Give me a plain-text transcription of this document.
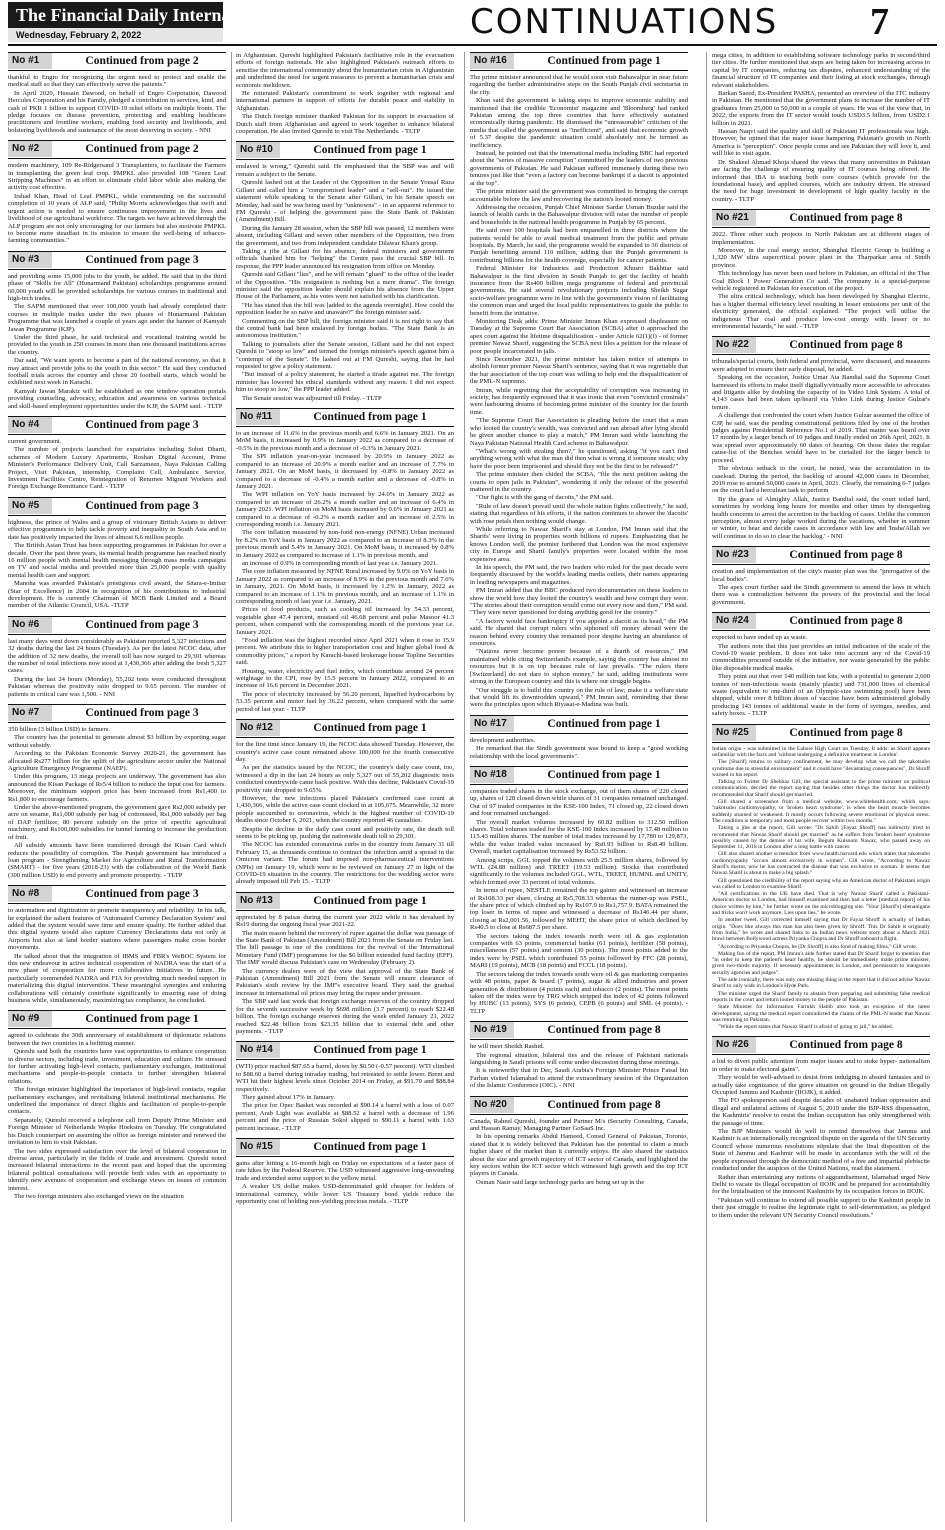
The Financial Daily International
Wednesday, February 2, 2022	CONTINUATIONS 7
No #1	Continued from page 2

thankful to Engro for recognizing the urgent need to protect and enable the medical staff so that they can effectively serve the patients."

In April 2020, Hussain Dawood, on behalf of Engro Corporation, Dawood Hercules Corporation and his Family, pledged a contribution in services, kind, and cash of PKR 1 billion to support COVID-19 relief efforts on multiple fronts. The pledge focuses on disease prevention, protecting and enabling healthcare practitioners and frontline workers, enabling food security and livelihoods, and bolstering livelihoods and sustenance of the most deserving in society. - NNI

No #2	Continued from page 2

modern machinery, 109 Re-Ridgersand 3 Transplanters, to facilitate the Farmers in transplanting the green leaf crop. PMPKL also provided 108 "Green Leaf Stripping Machines" in an effort to eliminate child labor while also making the activity cost effective.

Irshad Khan, Head of Leaf PMPKL, while commenting on the successful completion of 10 years of ALP said, "Philip Morris acknowledges that swift and urgent action is needed to ensure continuous improvement in the lives and livelihood of our agricultural workforce. The targets we have achieved through the ALP program are not only encouraging for our farmers but also motivate PMPKL to become more steadfast in its mission to ensure the well-being of tobacco-farming communities."

No #3	Continued from page 3

and providing some 15,000 jobs to the youth, he added. He said that in the third phase of "Skills for All" (Hunarmand Pakistan) scholarships programme around 60,000 youth will be provided scholarships for various courses in traditional and high-tech trades.

The SAPM mentioned that over 100,000 youth had already completed their courses in multiple trades under the two phases of Hunarmand Pakistan Programme that was launched a couple of years ago under the banner of Kamyab Jawan Programme (KJP).

Under the third phase, he said technical and vocational training would be provided to the youth in 250 courses in more than one thousand institutions across the country.

Dar said, "We want sports to become a part of the national economy, so that it may attract and provide jobs to the youth in this sector." He said they conducted football trials across the country and chose 20 football starts, which would be exhibited next week in Karachi.

Kamyab Jawan Marakiz will be established as one window operation portals providing counseling, advocacy, education and awareness on various technical and skill-based employment opportunities under the KJP, the SAPM said. - TLTP

No #4	Continued from page 3

current government.

The number of projects launched for expatriates including Sohni Dharti, schemes of Modern Luxury Apartments, Roshan Digital Account, Prime Minister's Performance Delivery Unit, Call Sarzameen, Naya Pakistan Calling Project, Visit Pakistan, internship, Complaint Cell, Ambulance Service, Investment Facilities Centre, Reintegration of Returnee Migrant Workers and Foreign Exchange Remittance Card. - TLTP

No #5	Continued from page 3

highness, the prince of Wales and a group of visionary British Asians to deliver effective programmes to help tackle poverty and inequality in South Asia and to date has positively impacted the lives of almost 6.6 million people.

The British Asian Trust has been supporting programmes in Pakistan for over a decade. Over the past three years, its mental health programme has reached nearly 16 million people with mental health messaging through mass media campaigns on TV and social media and provided more than 25,000 people with quality mental health care and support.

Manoha was awarded Pakistan's prestigious civil award, the Sitara-e-Imtiaz (Star of Excellence) in 2004 in recognition of his contributions to industrial development. He is currently Chairman of MCB Bank Limited and a Board member of the Atlantic Council, USA. -TLTP

No #6	Continued from page 3

last many days went down considerably as Pakistan reported 5,327 infections and 32 deaths during the last 24 hours (Tuesday). As per the latest NCOC data, after the addition of 32 new deaths, the overall toll has now surged to 29,301 whereas the number of total infections now stood at 1,430,366 after adding the fresh 5,327 cases.

During the last 24 hours (Monday), 55,202 tests were conducted throughout Pakistan whereas the positivity ratio dropped to 9.65 percent. The number of patients in critical care was 1,500. - NNI

No #7	Continued from page 3

350 billion (3 billion USD) to farmers.

The country has the potential to generate almost $3 billion by exporting sugar without subsidy.

According to the Pakistan Economic Survey 2020-21, the government has allocated Rs277 billion for the uplift of the agriculture sector under the National Agriculture Emergency Programme (NAEP).

Under this program, 13 mega projects are underway. The government has also announced the Kisan Package of Rs5/4 billion to reduce the input cost for farmers. Moreover, the minimum support price has been increased from Rs1,400 to Rs1,800 to encourage farmers.

Under the above-mentioned program, the government gave Rs2,000 subsidy per acre on sesame, Rs1,000 subsidy per bag of cottonseed, Rs1,000 subsidy per bag of DAP fertilizer, 80 percent subsidy on the price of specific agricultural machinery, and Rs100,000 subsidies for tunnel farming to increase the production of fruit.

All subsidy amounts have been transferred through the Kisan Card which reduces the possibility of corruption. The Punjab government has introduced a loan program - Strengthening Market for Agriculture and Rural Transformation (SMART) - for five years (2018-23) with the collaboration of the World Bank (300 million USD) to end poverty and promote prosperity. - TLTP

No #8	Continued from page 3

to automation and digitization to promote transparency and reliability. In his talk, he explained the salient features of 'Automated Currency Declaration System' and added that the system would save time and ensure quality. He further added that this digital system would also capture Currency Declarations data not only at Airports but also at land border stations where passengers make cross border movements.

He talked about that the integration of IBMS and FBR's WeBOC System for this new endeavour in active technical cooperation of NADRA was the start of a new phase of cooperation for more collaborative initiatives in future. He particularly commended NADRA and FIA for providing much needed support in materializing this digital intervention. These meaningful synergies and enduring collaborations will certainly contribute significantly to ensuring ease of doing business while, simultaneously, maximizing tax compliance, he concluded.

No #9	Continued from page 1

agreed to celebrate the 30th anniversary of establishment of diplomatic relations between the two countries in a befitting manner.

Qureshi said both the countries have vast opportunities to enhance cooperation in diverse sectors, including trade, investment, education and culture. He stressed for further activating high-level contacts, parliamentary exchanges, institutional mechanisms and people-to-people contacts to further strengthen bilateral relations.

The foreign minister highlighted the importance of high-level contacts, regular parliamentary exchanges, and revitalising bilateral institutional mechanisms. He underlined the importance of direct flights and facilitation of people-to-people contacts.

Separately, Qureshi received a telephone call from Deputy Prime Minister and Foreign Minister of Netherlands Wopke Hoekstra on Tuesday. He congratulated his Dutch counterpart on assuming the office as foreign minister and renewed the invitation to him to visit Pakistan.

The two sides expressed satisfaction over the level of bilateral cooperation in diverse areas, particularly in the fields of trade and investment. Qureshi noted increased bilateral interactions in the recent past and hoped that the upcoming bilateral political consultations will provide both sides with an opportunity to identify new avenues of cooperation and exchange views on issues of common interest.

The two foreign ministers also exchanged views on the situation

in Afghanistan. Qureshi highlighted Pakistan's facilitative role in the evacuation efforts of foreign nationals. He also highlighted Pakistan's outreach efforts to sensitise the international community about the humanitarian crisis in Afghanistan and underlined the need for urgent measures to prevent a humanitarian crisis and economic meltdown.

He reiterated Pakistan's commitment to work together with regional and international partners in support of efforts for durable peace and stability in Afghanistan.

The Dutch foreign minister thanked Pakistan for its support in evacuation of Dutch staff from Afghanistan and agreed to work together to enhance bilateral cooperation. He also invited Qureshi to visit The Netherlands. - TLTP

No #10	Continued from page 1

enslaved is wrong," Qureshi said. He emphasised that the SBP was and will remain a subject to the Senate.

Qureshi lashed out at the Leader of the Opposition in the Senate Yousaf Raza Gillani and called him a "compromised leader" and a "sell-out". He issued the statement while speaking in the Senate after Gillani, in his Senate speech on Monday, had said he was being used by "unknowns" - in an apparent reference to FM Qureshi - of helping the government pass the State Bank of Pakistan (Amendment) Bill.

During the January 28 session, when the SBP bill was passed, 12 members were absent, including Gillani and seven other members of the Opposition, two from the government, and two from independent candidate Dilawar Khan's group.

Taking a jibe at Gillani for his absence, federal ministers and government officials thanked him for "helping" the Centre pass the crucial SBP bill. In response, the PPP leader announced his resignation from office on Monday.

Qureshi said Gillani "lies", and he will remain "glued" to the office of the leader of the Opposition. "His resignation is nothing but a mere drama". The foreign minister said the opposition leader should explain his absence from the Upper House of the Parliament, as his votes were not satisfied with his clarification.

"He has stated that the bill was [added to the agenda overnight]. How could the opposition leader be so naive and unaware?" the foreign minister said.

Commenting on the SBP bill, the foreign minister said it is not right to say that the central bank had been enslaved by foreign bodies. "The State Bank is an autonomous institution."

Talking to journalists after the Senate session, Gillani said he did not expect Qureshi to "stoop so low" and termed the foreign minister's speech against him a "contempt of the Senate". He lashed out at FM Qureshi, saying that he had requested to give a policy statement.

"But instead of a policy statement, he started a tirade against me. The foreign minister has lowered his ethical standards without any reason. I did not expect him to stoop so low," the PPP leader added.

The Senate session was adjourned till Friday. - TLTP

No #11	Continued from page 1

to an increase of 11.6% in the previous month and 6.6% in January 2021. On an MoM basis, it increased by 0.9% in January 2022 as compared to a decrease of -0.5% in the previous month and a decrease of -0.3% in January 2021.

The SPI inflation year-on-year increased by 20.9% in January 2022 as compared to an increase of 20.9% a month earlier and an increase of 7.7% in January 2021. On an MoM basis, it decreased by -0.8% in January 2022 as compared to a decrease of -0.4% a month earlier and a decrease of -0.8% in January 2021.

The WPI inflation on YoY basis increased by 24.0% in January 2022 as compared to an increase of 26.2% a month earlier and an increase of 6.4% in January 2021. WPI inflation on MoM basis increased by 0.6% in January 2021 as compared to a decrease of -0.2% a month earlier and an increase of 2.5% in corresponding month i.e. January 2021.

The core inflation measured by non-food non-energy (NFNE) Urban increased by 8.2% on YoY basis in January 2022 as compared to an increase of 8.3% in the previous month and 5.4% in January 2021. On MoM basis, it increased by 0.8% in January 2022 as compared to increase of 1.1% in previous month, and

an increase of 0.9% in corresponding month of last year i.e. January 2021.

The core inflation measured by NFNE Rural increased by 9.0% on YoY basis in January 2022 as compared to an increase of 8.9% in the previous month and 7.6% in January, 2021. On MoM basis, it increased by 1.2% in January, 2022 as compared to an increase of 1.1% in previous month, and an increase of 1.1% in corresponding month of last year i.e. January, 2021.

Prices of food products, such as cooking oil increased by 54.33 percent, vegetable ghee 47.4 percent, mustard oil 46.68 percent and pulse Masoor 41.3 percent, when compared with the corresponding month of the previous year i.e. January 2021.

"Food inflation was the highest recorded since April 2021 when it rose to 15.9 percent. We attribute this to higher transportation cost and higher global food & commodity prices," a report by Karachi-based brokerage house Topline Securities said.

Housing, water, electricity and fuel index, which contribute around 24 percent weightage to the CPI, rose by 15.5 percent in January 2022, compared to an increase of 16.6 percent in December 2021.

The price of electricity increased by 56.20 percent, liquefied hydrocarbons by 53.35 percent and motor fuel by 36.22 percent, when compared with the same period of last year. - TLTP

No #12	Continued from page 1

for the first time since January 19, the NCOC data showed Tuesday. However, the country's active case count remained above 100,000 for the fourth consecutive day.

As per the statistics issued by the NCOC, the country's daily case count, too, witnessed a dip in the last 24 hours as only 5,327 out of 55,202 diagnostic tests conducted countrywide came back positive. With this decline, Pakistan's Covid-19 positivity rate dropped to 9.65%.

However, the new infections placed Pakistan's confirmed case count at 1,430,366, while the active case count clocked in at 105,675. Meanwhile, 32 more people succumbed to coronavirus, which is the highest number of COVID-19 deaths since October 6, 2021, when the country reported 46 casualties.

Despite the decline in the daily case count and positivity rate, the death toll seems to be picking up, pushing the nationwide death toll to 29,301.

The NCOC has extended coronavirus curbs in the country from January 31 till February 15, as thousands continue to contract the infection amid a spread in the Omicron variant. The forum had imposed non-pharmaceutical interventions (NPIs) on January 19, which were to be reviewed on January 27 in light of the COVID-19 situation in the country. The restrictions for the wedding sector were already imposed till Feb 15. - TLTP

No #13	Continued from page 1

appreciated by 8 paisas during the current year 2022 while it has devalued by Rs19 during the ongoing fiscal year 2021-22.

The main reason behind the recovery of rupee against the dollar was passage of the State Bank of Pakistan (Amendment) Bill 2021 from the Senate on Friday last. The bill passage is one of the conditions for the revival of the International Monetary Fund (IMF) programme for the $6 billion extended fund facility (EFF). The IMF would discuss Pakistan's case on Wednesday (February 2).

The currency dealers were of the view that approval of the State Bank of Pakistan (Amendment) Bill 2021 from the Senate will ensure clearance of Pakistan's sixth review by the IMF's executive board. They said the gradual increase in international oil prices may bring the rupee under pressure.

The SBP said last week that foreign exchange reserves of the country dropped for the seventh successive week by $698 million (3.7 percent) to reach $22.48 billion. The foreign exchange reserves during the week ended January 21, 2022 reached $22.48 billion from $23.35 billion due to external debt and other payments. - TLTP

No #14	Continued from page 1

(WTI) price reached $87.65 a barrel, down by $0.50 (-0.57 percent). WTI climbed to $88.60 a barrel during intraday trading, but retreated to settle lower. Brent and WTI hit their highest levels since October 2014 on Friday, at $91.70 and $88.84 respectively.

They gained about 17% in January.

The price for Opec Basket was recorded at $90.14 a barrel with a loss of 0.07 percent, Arab Light was available at $88.52 a barrel with a decrease of 1.96 percent and the price of Russian Sokol slipped to $90.11 a barrel with 1.63 percent increase. - TLTP

No #15	Continued from page 1

gains after hitting a 16-month high on Friday on expectations of a faster pace of rate hikes by the Federal Reserve. The USD witnessed aggressive long-unwinding trade and extended some support to the yellow metal.

A weaker US dollar makes USD-denominated gold cheaper for holders of international currency, while lower US Treasury bond yields reduce the opportunity cost of holding non-yielding precious metals. - TLTP

No #16	Continued from page 1

The prime minister announced that he would soon visit Bahawalpur in near future regarding the further administrative steps on the South Punjab civil secretariat in the city.

Khan said the government is taking steps to improve economic stability and mentioned that the credible 'Economist' magazine and 'Bloomberg' had ranked Pakistan among the top three countries that have effectively sustained economically during pandemic. He dismissed the "unreasonable" criticism of the media that called the government as "inefficient", and said that economic growth of 5.37 despite the pandemic situation could absolutely not be termed as inefficiency.

Instead, he pointed out that the international media including BBC had reported about the "series of massive corruption" committed by the leaders of two previous governments of Pakistan. He said Pakistan suffered immensely during these two tenures just like that "even a factory can become bankrupt if a dacoit is appointed at the top".

The prime minister said the government was committed to bringing the corrupt accountable before the law and recovering the nation's looted money.

Addressing the occasion, Punjab Chief Minister Sardar Usman Buzdar said the launch of health cards in the Bahawalpur division will raise the number of people and households in the national health programme in Punjab by 65 percent.

He said over 100 hospitals had been empanelled in three districts where the patients would be able to avail medical treatment from the public and private hospitals. By March, he said, the programme would be expanded to 36 districts of Punjab benefiting around 110 million, adding that the Punjab government is contributing billions for the health coverage, especially for cancer patients.

Federal Minister for Industries and Production Khusro Bakhtiar said Bahawalpur is the first division in South Punjab to get the facility of health insurance from the Rs400 billion mega programme of federal and provincial governments. He said several revolutionary projects including Sheikh Sugar socio-welfare programme were in line with the government's vision of facilitating the common man and urged the local public representatives to guide the public to benefit from the initiative.

Monitoring Desk adds: Prime Minister Imran Khan expressed displeasure on Tuesday at the Supreme Court Bar Association (SCBA) after it approached the apex court against the lifetime disqualification - under Article 62(1)(f) - of former premier Nawaz Sharif, suggesting the SCBA next files a petition for the release of poor people incarcerated in jails.

Since December 2021, the prime minister has taken notice of attempts to abolish former premier Nawaz Sharif's sentence, saying that it was regrettable that the bar association of the top court was willing to help end the disqualification of the PML-N supremo.

Imran, while regretting that the acceptability of corruption was increasing in society, has frequently expressed that it was ironic that even "convicted criminals" were harbouring dreams of becoming prime minister of the country for the fourth time.

"The Supreme Court Bar Association is pleading before the court that a man who looted the country's wealth, was convicted and ran abroad after lying should be given another chance to play a match," PM Imran said while launching the Naya Pakistan National Health Card scheme in Bahawalpur.

"What's wrong with stealing then?," he questioned, asking "if you can't find anything wrong with what the man did then what is wrong if someone steals; why have the poor been imprisoned and should they not be the first to be released?"

The prime minister then chided the SCBA, "file the next petition asking the courts to open jails in Pakistan", wondering if only the release of the powerful mattered in the country.

"Our fight is with the gang of dacoits," the PM said.

"Rule of law doesn't prevail until the whole nation fights collectively," he said, stating that regardless of his efforts, if the nation continues to shower the 'dacoits' with rose petals then nothing would change.

While referring to Nawaz Sharif's stay at London, PM Imran said that the Sharifs' were living in properties worth billions of rupees. Emphasizing that he knows London well, the premier furthered that London was the most expensive city in Europe and Sharif family's properties were located within the most expensive area.

In his speech, the PM said, the two leaders who ruled for the past decade were frequently discussed by the world's leading media outlets, their names appearing in leading newspapers and magazines.

PM Imran added that the BBC produced two documentaries on these leaders to show the world how they looted the country's wealth and how corrupt they were. "The stories about their corruption would come out every now and then," PM said. "They were never questioned for doing anything good for the country."

"A factory would face bankruptcy if you appoint a dacoit as its head," the PM said. He shared that corrupt rulers who siphoned off money abroad were the reason behind every country that remained poor despite having an abundance of resources.

"Nations never become poorer because of a dearth of resources," PM maintained while citing Switzerland's example, saying the country has almost no resources but it is on top because rule of law prevails. "The rulers there [Switzerland] do not dare to siphon money," he said, adding institutions were strong in the European country and this is where our struggle begins.

"Our struggle is to build this country on the rule of law; make it a welfare state that would lift its downtrodden upward," PM Imran said, reminding that these were the principles upon which Riyasat-e-Madina was built.

No #17	Continued from page 1

development authorities.

He remarked that the Sindh government was bound to keep a "good working relationship with the local governments".

No #18	Continued from page 1

companies traded shares in the stock exchange, out of them shares of 220 closed up, shares of 128 closed down while shares of 31 companies remained unchanged. Out of 97 traded companies in the KSE-100 Index, 71 closed up, 22 closed down and four remained unchanged.

The overall market volumes increased by 60.82 million to 312.50 million shares. Total volumes traded for the KSE-100 Index increased by 17.48 million to 115.43 million shares. The number of total trades increased by 17,780 to 129,873, while the value traded value increased by Rs0.93 billion to Rs8.49 billion. Overall, market capitalisation increased by Rs53.52 billion.

Among scrips, GGL topped the volumes with 25.5 million shares, followed by WTL (24.88 million) and TREET (19.53 million). Stocks that contributed significantly to the volumes included GGL, WTL, TREET, HUMNL and UNITY, which formed over 33 percent of total volumes.

In terms of rupee, NESTLE remained the top gainer and witnessed an increase of Rs108.33 per share, closing at Rs5,708.33 whereas the runner-up was PSEL, the share price of which climbed up by Rs107.9 to Rs1,757.9. BATA remained the top loser in terms of rupee and witnessed a decrease of Rs146.44 per share, closing at Rs2,001.56, followed by MEHT, the share price of which declined by Rs40.5 to close at Rs687.5 per share.

The sectors taking the index towards north were oil & gas exploration companies with 63 points, commercial banks (61 points), fertilizer (58 points), miscellaneous (57 points) and cement (30 points). The most points added to the index were by PSEL which contributed 55 points followed by FFC (28 points), MARI (19 points), MCB (18 points) and FCCL (18 points).

The sectors taking the index towards south were oil & gas marketing companies with 48 points, paper & board (7 points), sugar & allied industries and power generation & distribution (4 points each) and tobacco (2 points). The most points taken off the index were by TRG which stripped the index of 42 points followed by HUBC (13 points), SYS (6 points), CEPB (6 points) and SML (4 points). - TLTP

No #19	Continued from page 8

he will meet Sheikh Rashid.

The regional situation, bilateral ties and the release of Pakistani nationals languishing in Saudi prisons will come under discussion during these meetings.

It is noteworthy that in Dec, Saudi Arabia's Foreign Minister Prince Faisal bin Farhan visited Islamabad to attend the extraordinary session of the Organization of the Islamic Conference (OIC). - NNI

No #20	Continued from page 8

Canada, Raheel Qureshi, founder and Partner M/s iSecurity Consulting, Canada, and Hassan Ramay, Managing Partner GoSaaS Inc.

In his opening remarks Abdul Hameed, Consul General of Pakistan, Toronto, stated that it is widely believed that Pakistan has the potential to claim a much higher share of the market than it currently enjoys. He also shared the statistics about the size and growth trajectory of ICT sector of Canada, and highlighted the key sectors within the ICT sector which witnessed high growth and the top ICT players in Canada.

Osman Nasir said large technology parks are being set up in the

mega cities, in addition to establishing software technology parks in second/third tier cities. He further mentioned that steps are being taken for increasing access to capital by IT companies, reducing tax disputes, enhanced understanding of the financial structure of IT companies and their listing at stock exchanges, through relevant stakeholders.

Barkan Saeed, Ex-President PASHA, presented an overview of the ITC industry in Pakistan. He mentioned that the government plans to increase the number of IT graduates from 25,000 to 50,000 in a couple of years. He was of the view that, in 2022, the exports from the IT sector would touch USD3.5 billion, from USD2.1 billion in 2021.

Hassan Naqvi said the quality and skill of Pakistani IT professionals was high. However, he opined that the major issue hampering Pakistan's growth in North America is "perception". Once people come and see Pakistan they will love it, and will like to visit again.

Dr. Shakeel Ahmad Khoja shared the views that many universities in Pakistan are facing the challenge of ensuring quality of IT courses being offered. He informed that IBA is teaching both core courses (which provide for the foundational base), and applied courses, which are industry driven. He stressed the need for huge investment in development of high quality faculty in the country. - TLTP

No #21	Continued from page 8

2022. Three other such projects in North Pakistan are at different stages of implementation.

Moreover, in the coal energy sector, Shanghai Electric Group is building a 1,320 MW ultra supercritical power plant in the Tharparkar area of Sindh province.

This technology has never been used before in Pakistan, an official of the Thar Coal Block 1 Power Generation Co said. The company is a special-purpose vehicle registered in Pakistan for execution of the project.

The ultra critical technology, which has been developed by Shanghai Electric, has a higher thermal efficiency level resulting in lesser emissions per unit of the electricity generated, the official explained. "The project will utilise the indigenous Thar coal and produce low-cost energy with lesser or no environmental hazards," he said. - TLTP

No #22	Continued from page 8

tribunals/special courts, both federal and provincial, were discussed, and measures were adopted to ensure their early disposal, he added.

Speaking on the occasion, Justice Umar Ata Bandial said the Supreme Court harnessed its efforts to make itself digitally/virtually more accessible to advocates and litigants alike by doubling the capacity of its Video Link System. A total of 4,143 cases had been taken up/heard via Video Link during Justice Gulzar's tenure.

A challenge that confronted the court when Justice Gulzar assumed the office of CJP, he said, was the pending constitutional petitions filed by one of the brother judges against Presidential Reference No.1 of 2019. That matter was heard over 17 months by a larger bench of 10 judges and finally ended on 26th April, 2021. It was spread over approximately 60 dates of hearing. On those dates the regular cause-list of the Benches would have to be curtailed for the larger bench to proceed.

The obvious setback to the court, he noted, was the accumulation in its caseload. During the period, the backlog of around 42,000 cases in December, 2019 rose to around 50,000 cases in April, 2021. Clearly, the remaining 6-7 judges on the court had a herculean task to perform

By the grace of Almighty Allah, Justice Bandial said, the court toiled hard, sometimes by working long hours for months and other times by disregarding health concerns to arrest the accretion in the backlog of cases. Unlike the common perception, almost every judge worked during the vacations, whether in summer or winter, to hear and decide cases in accordance with law and 'Insha'Allah we will continue to do so to clear the backlog.' - NNI

No #23	Continued from page 8

creation and implementation of the city's master plan was the "prerogative of the local bodies".

The apex court further said the Sindh government to amend the laws in which there was a contradiction between the powers of the provincial and the local government.

No #24	Continued from page 8

expected to have ended up as waste.

The authors note that this just provides an initial indication of the scale of the Covid-19 waste problem. It does not take into account any of the Covid-19 commodities procured outside of the initiative, nor waste generated by the public like disposable medical masks.

They point out that over 140 million test kits, with a potential to generate 2,600 tonnes of non-infectious waste (mainly plastic) and 731,000 litres of chemical waste (equivalent to one-third of an Olympic-size swimming pool) have been shipped, while over 8 billion doses of vaccine have been administered globally producing 143 tonnes of additional waste in the form of syringes, needles, and safety boxes. - TLTP

No #25	Continued from page 8

Indian origin - was submitted in the Lahore High Court on Tuesday. It adds: as Sharif appears unfamiliar with the facts and 'without undergoing a definitive treatment in London'.

The [Sharif] returns to solitary confinement, he may develop what we call the takotsubo syndrome due to stressful environment" and it could have "devastating consequences", Dr Shroff warned in his report.

Talking to Twitter Dr Shehbaz Gill, the special assistant to the prime minister on political communication, decried the report saying that besides other things the doctor has indirectly recommended that Sharif should get married.

Gill shared a screenshot from a medical website, www.whitehealth.com, which says: "takotsubo cardiomyopathy, or 'broken heart syndrome', is when the heart muscle becomes suddenly stunned or weakened. It mostly occurs following severe emotional or physical stress. The condition is temporary and most people recover within two months."

Taking a jibe at the report, Gill wrote: "Dr Sahib [Fayaz Shroff] has indirectly tried to recommend that Nawaz Sharif should get married" as he suffers from 'broken heart' syndrome possibly caused by the demise of his wife, Begum Kulsoom Nawaz, who passed away on September 11, 2018 in London after a long battle with cancer.

Gill also shared another screenshot from www.health.harvard.edu which states that takotsubo cardiomyopathy "occurs almost exclusively in women". Gill wrote, "According to Nawaz Sharif's doctor, now he has contracted the disease that was exclusive to woman. It seems that Nawaz Sharif is about to make a big splash."

Gill questioned the credibility of the report saying why an American doctor of Pakistani origin was called to London to examine Sharif.

"All certifications in the UK have died. That is why Nawaz Sharif called a Pakistani-American doctor to London, had himself examined and then had a letter [medical report] of his choice written by him," he further wrote on the microblogging site. "Your [Sharif's] shenanigans and tricks won't work anymore. Lies upon lies," he wrote.

In another tweet, Gill corrected himself saying that Dr Fayaz Shroff is actually of Indian origin. "Does like always this man has also been given by Shroff. This Dr Sahib is originally from India," he wrote and shared links to an Indian news website story about a March 2021 brawl between Bollywood actress Priyanka Chopra and Dr Shroff onboard a flight.

"According to Priyanka Chopra, he [Dr Shroff] is also fond of making films," Gill wrote.

Making fun of the report, PM Imran's aide further stated that Dr Sharif forgot to mention that "in order to keep the patient's heart healthy, he should be immediately made prime minister, given two-thirds majority. If necessary appointments in London, and permission to inaugurate security agencies and judges".

The aide ironically, there was only one missing thing in the report that it did not advise Nawaz Sharif to only walk in London's Hyde Park.

The minister urged the Sharif family to abstain from preparing and submitting false medical reports in the court and return looted money to the people of Pakistan.

State Minister for Information Farrukh Habib also took an exception of the latest development, saying the medical report contradicted the claims of the PML-N leader that Nawaz was returning to Pakistan.

"While the report states that Nawaz Sharif is afraid of going to jail," he added.

No #26	Continued from page 8

a bid to divert public attention from major issues and to stoke hyper- nationalism in order to make electoral gains".

They would be well-advised to desist from indulging in absurd fantasies and to actually take cognizance of the grave situation on ground in the Indian Illegally Occupied Jammu and Kashmir (IIOJK), it added.

The FO spokesperson said despite decades of unabated Indian oppression and illegal and unilateral actions of August 5, 2019 under the BJP-RSS dispensation, the Kashmiris' resolve to resist the Indian occupation has only strengthened with the passage of time.

The BJP Ministers would do well to remind themselves that Jammu and Kashmir is an internationally recognized dispute on the agenda of the UN Security Council whose numerous resolutions stipulate that the final disposition of the State of Jammu and Kashmir will be made in accordance with the will of the people expressed through the democratic method of a free and impartial plebiscite conducted under the auspices of the United Nations, read the statement.

Rather than entertaining any notions of aggrandisement, Islamabad urged New Delhi to vacate its illegal occupation of IIOJK and be prepared for accountability for the brutalisation of the innocent Kashmiris by its occupation forces in IIOJK.

"Pakistan will continue to extend all possible support to the Kashmiri people in their just struggle to realise the legitimate right to self-determination, as pledged to them under the relevant UN Security Council resolutions."
